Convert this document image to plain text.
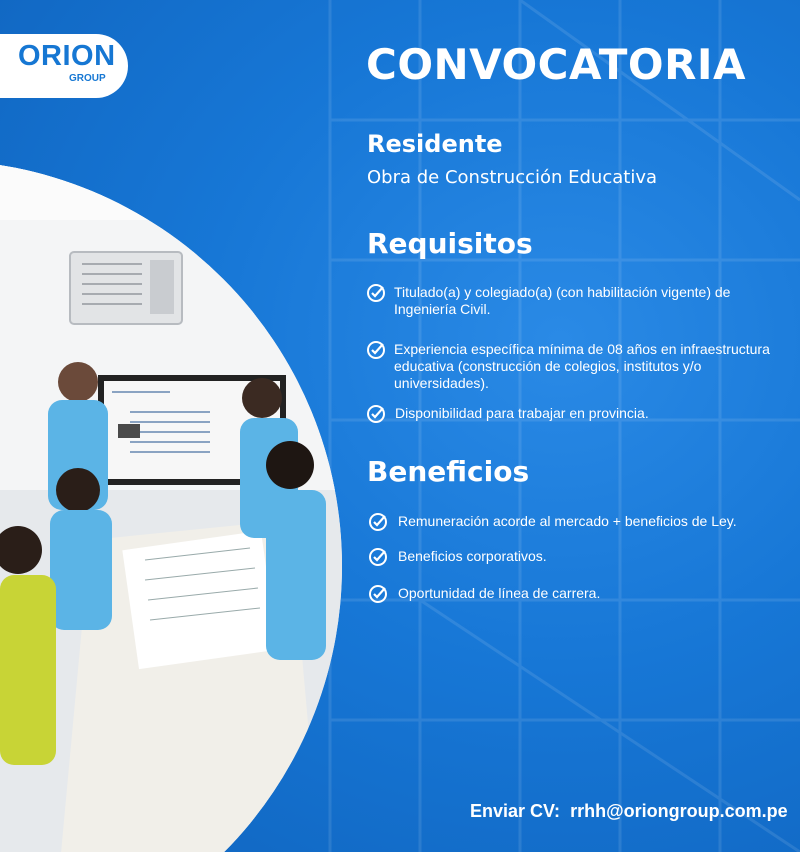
ORION
GROUP	CONVOCATORIA
Residente
Obra de Construcción Educativa
Requisitos
Titulado(a) y colegiado(a) (con habilitación vigente) de
Ingeniería Civil.
Experiencia específica mínima de 08 años en infraestructura
educativa (construcción de colegios, institutos y/o
universidades).
Disponibilidad para trabajar en provincia.
Beneficios
Remuneración acorde al mercado + beneficios de Ley.
Beneficios corporativos.
Oportunidad de línea de carrera.
Enviar CV: rrhh@oriongroup.com.pe
